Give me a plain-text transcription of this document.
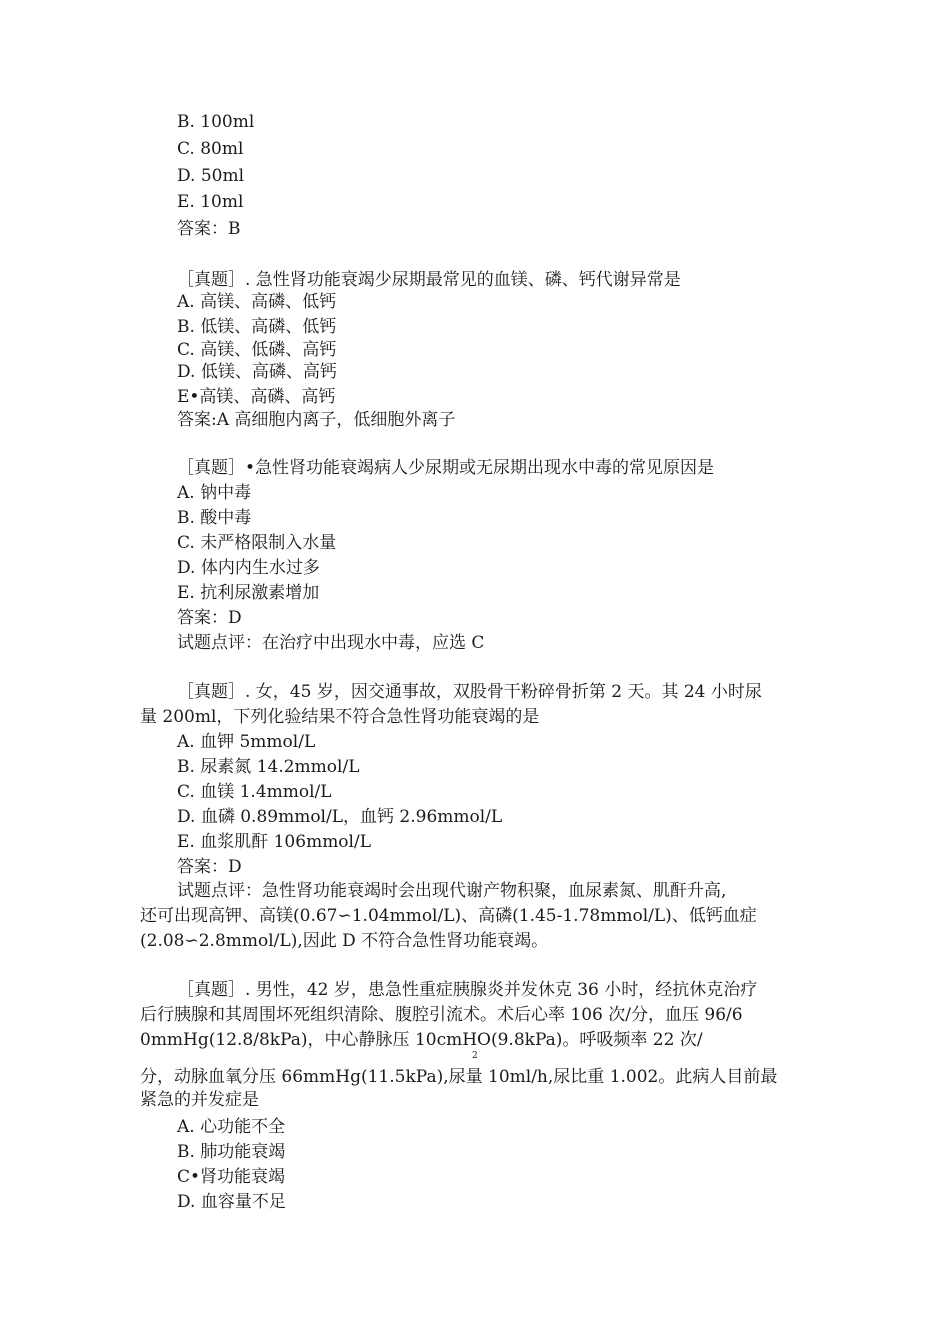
B. 100ml
C. 80ml
D. 50ml
E. 10ml
答案：B
［真题］. 急性肾功能衰竭少尿期最常见的血镁、磷、钙代谢异常是
A. 高镁、高磷、低钙
B. 低镁、高磷、低钙
C. 高镁、低磷、高钙
D. 低镁、高磷、高钙
E•高镁、高磷、高钙
答案:A 高细胞内离子，低细胞外离子
［真题］•急性肾功能衰竭病人少尿期或无尿期出现水中毒的常见原因是
A. 钠中毒
B. 酸中毒
C. 未严格限制入水量
D. 体内内生水过多
E. 抗利尿激素增加
答案：D
试题点评：在治疗中出现水中毒，应选 C
［真题］. 女，45 岁，因交通事故，双股骨干粉碎骨折第 2 天。其 24 小时尿
量 200ml，下列化验结果不符合急性肾功能衰竭的是
A. 血钾 5mmol/L
B. 尿素氮 14.2mmol/L
C. 血镁 1.4mmol/L
D. 血磷 0.89mmol/L，血钙 2.96mmol/L
E. 血浆肌酐 106mmol/L
答案：D
试题点评：急性肾功能衰竭时会出现代谢产物积聚，血尿素氮、肌酐升高,
还可出现高钾、高镁(0.67∽1.04mmol/L)、高磷(1.45-1.78mmol/L)、低钙血症
(2.08∽2.8mmol/L),因此 D 不符合急性肾功能衰竭。
［真题］. 男性，42 岁，患急性重症胰腺炎并发休克 36 小时，经抗休克治疗
后行胰腺和其周围坏死组织清除、腹腔引流术。术后心率 106 次/分，血压 96/6
0mmHg(12.8/8kPa)，中心静脉压 10cmHO(9.8kPa)。呼吸频率 22 次/
2
分，动脉血氧分压 66mmHg(11.5kPa),尿量 10ml/h,尿比重 1.002。此病人目前最
紧急的并发症是
A. 心功能不全
B. 肺功能衰竭
C•肾功能衰竭
D. 血容量不足
